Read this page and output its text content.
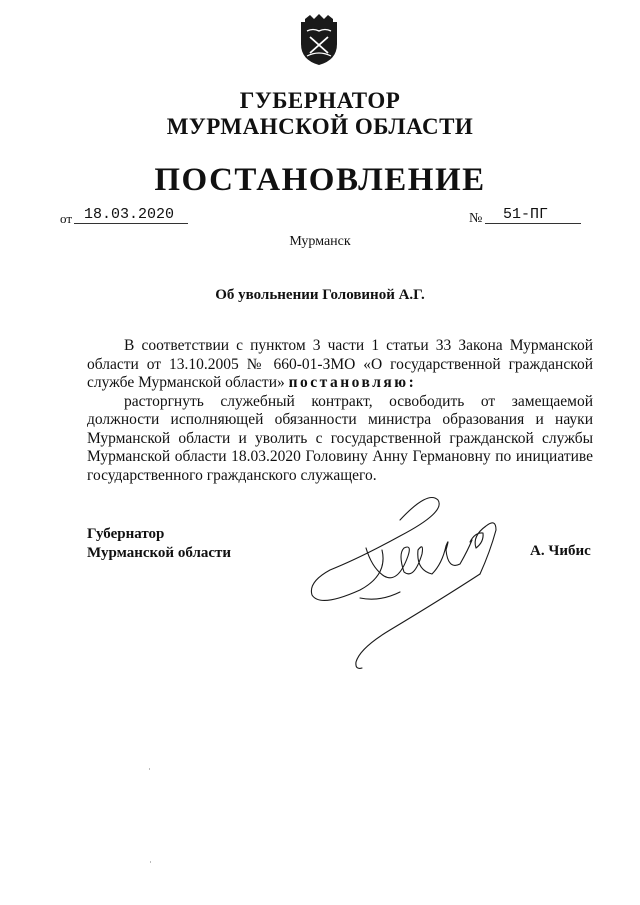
ГУБЕРНАТОР
МУРМАНСКОЙ ОБЛАСТИ
ПОСТАНОВЛЕНИЕ
от 18.03.2020	№	51-ПГ
Мурманск
Об увольнении Головиной А.Г.

В соответствии с пунктом 3 части 1 статьи 33 Закона Мурманской области от 13.10.2005 № 660-01-ЗМО «О государственной гражданской службе Мурманской области» постановляю:

расторгнуть служебный контракт, освободить от замещаемой должности исполняющей обязанности министра образования и науки Мурманской области и уволить с государственной гражданской службы Мурманской области 18.03.2020 Головину Анну Германовну по инициативе государственного гражданского служащего.

Губернатор
Мурманской области	А. Чибис
